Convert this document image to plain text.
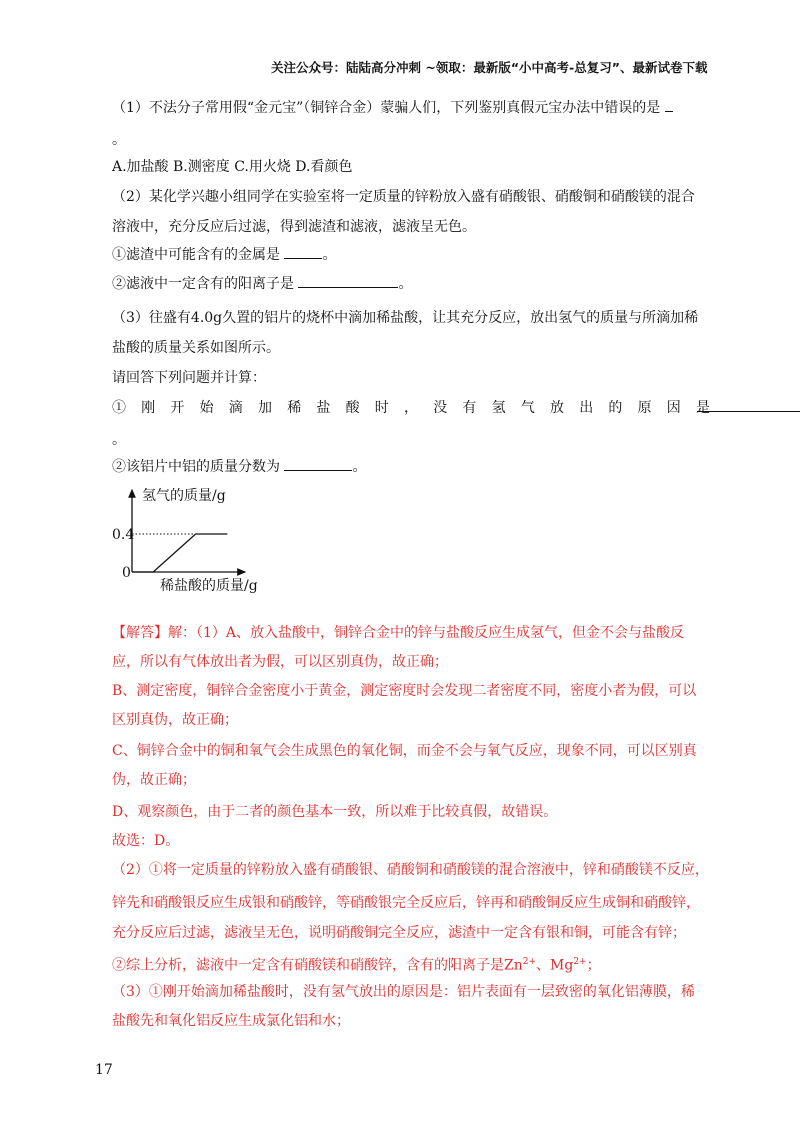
关注公众号：陆陆高分冲刺 ~领取：最新版“小中高考-总复习”、最新试卷下载
（1）不法分子常用假“金元宝”（铜锌合金）蒙骗人们，下列鉴别真假元宝办法中错误的是
。
A.加盐酸 B.测密度 C.用火烧 D.看颜色
（2）某化学兴趣小组同学在实验室将一定质量的锌粉放入盛有硝酸银、硝酸铜和硝酸镁的混合
溶液中，充分反应后过滤，得到滤渣和滤液，滤液呈无色。
①滤渣中可能含有的金属是	。
②滤液中一定含有的阳离子是	。
（3）往盛有4.0g久置的铝片的烧杯中滴加稀盐酸，让其充分反应，放出氢气的质量与所滴加稀
盐酸的质量关系如图所示。
请回答下列问题并计算：
①刚开始滴加稀盐酸时，没有氢气放出的原因是
。
②该铝片中铝的质量分数为	。
氢气的质量/g
稀盐酸的质量/g
0.4
0
【解答】解：（1）A、放入盐酸中，铜锌合金中的锌与盐酸反应生成氢气，但金不会与盐酸反
应，所以有气体放出者为假，可以区别真伪，故正确；
B、测定密度，铜锌合金密度小于黄金，测定密度时会发现二者密度不同，密度小者为假，可以
区别真伪，故正确；
C、铜锌合金中的铜和氧气会生成黑色的氧化铜，而金不会与氧气反应，现象不同，可以区别真
伪，故正确；
D、观察颜色，由于二者的颜色基本一致，所以难于比较真假，故错误。
故选：D。
（2）①将一定质量的锌粉放入盛有硝酸银、硝酸铜和硝酸镁的混合溶液中，锌和硝酸镁不反应，
锌先和硝酸银反应生成银和硝酸锌，等硝酸银完全反应后，锌再和硝酸铜反应生成铜和硝酸锌，
充分反应后过滤，滤液呈无色，说明硝酸铜完全反应，滤渣中一定含有银和铜，可能含有锌；
②综上分析，滤液中一定含有硝酸镁和硝酸锌，含有的阳离子是$Zn^{2+}$、$Mg^{2+}$；
（3）①刚开始滴加稀盐酸时，没有氢气放出的原因是：铝片表面有一层致密的氧化铝薄膜，稀
盐酸先和氧化铝反应生成氯化铝和水；
17
